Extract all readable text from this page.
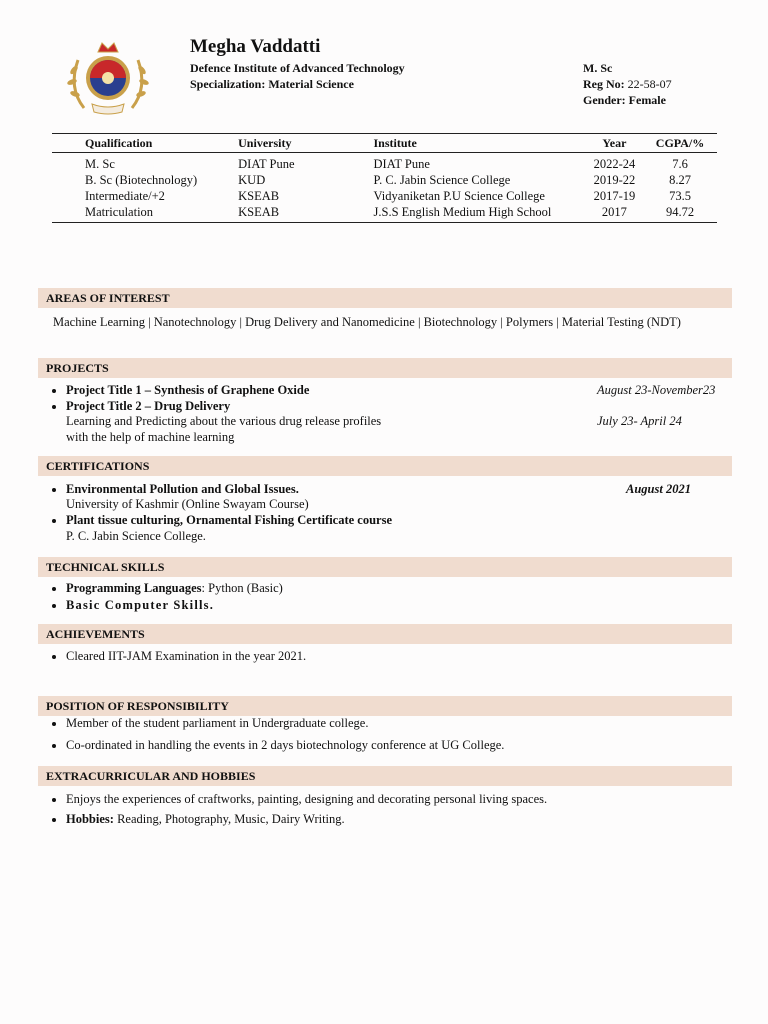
Megha Vaddatti
Defence Institute of Advanced Technology
Specialization: Material Science
M. Sc
Reg No: 22-58-07
Gender: Female
Qualification	University	Institute	Year	CGPA/%
M. Sc	DIAT Pune	DIAT Pune	2022-24	7.6
B. Sc (Biotechnology)	KUD	P. C. Jabin Science College	2019-22	8.27
Intermediate/+2	KSEAB	Vidyaniketan P.U Science College	2017-19	73.5
Matriculation	KSEAB	J.S.S English Medium High School	2017	94.72
AREAS OF INTEREST
Machine Learning | Nanotechnology | Drug Delivery and Nanomedicine | Biotechnology | Polymers | Material Testing (NDT)
PROJECTS
Project Title 1 – Synthesis of Graphene Oxide	August 23-November23
Project Title 2 – Drug Delivery
Learning and Predicting about the various drug release profiles
with the help of machine learning
July 23- April 24
CERTIFICATIONS
Environmental Pollution and Global Issues.	August 2021
University of Kashmir (Online Swayam Course)
Plant tissue culturing, Ornamental Fishing Certificate course
P. C. Jabin Science College.
TECHNICAL SKILLS
Programming Languages: Python (Basic)
Basic Computer Skills.
ACHIEVEMENTS
Cleared IIT-JAM Examination in the year 2021.
POSITION OF RESPONSIBILITY
Member of the student parliament in Undergraduate college.
Co-ordinated in handling the events in 2 days biotechnology conference at UG College.
EXTRACURRICULAR AND HOBBIES
Enjoys the experiences of craftworks, painting, designing and decorating personal living spaces.
Hobbies: Reading, Photography, Music, Dairy Writing.
